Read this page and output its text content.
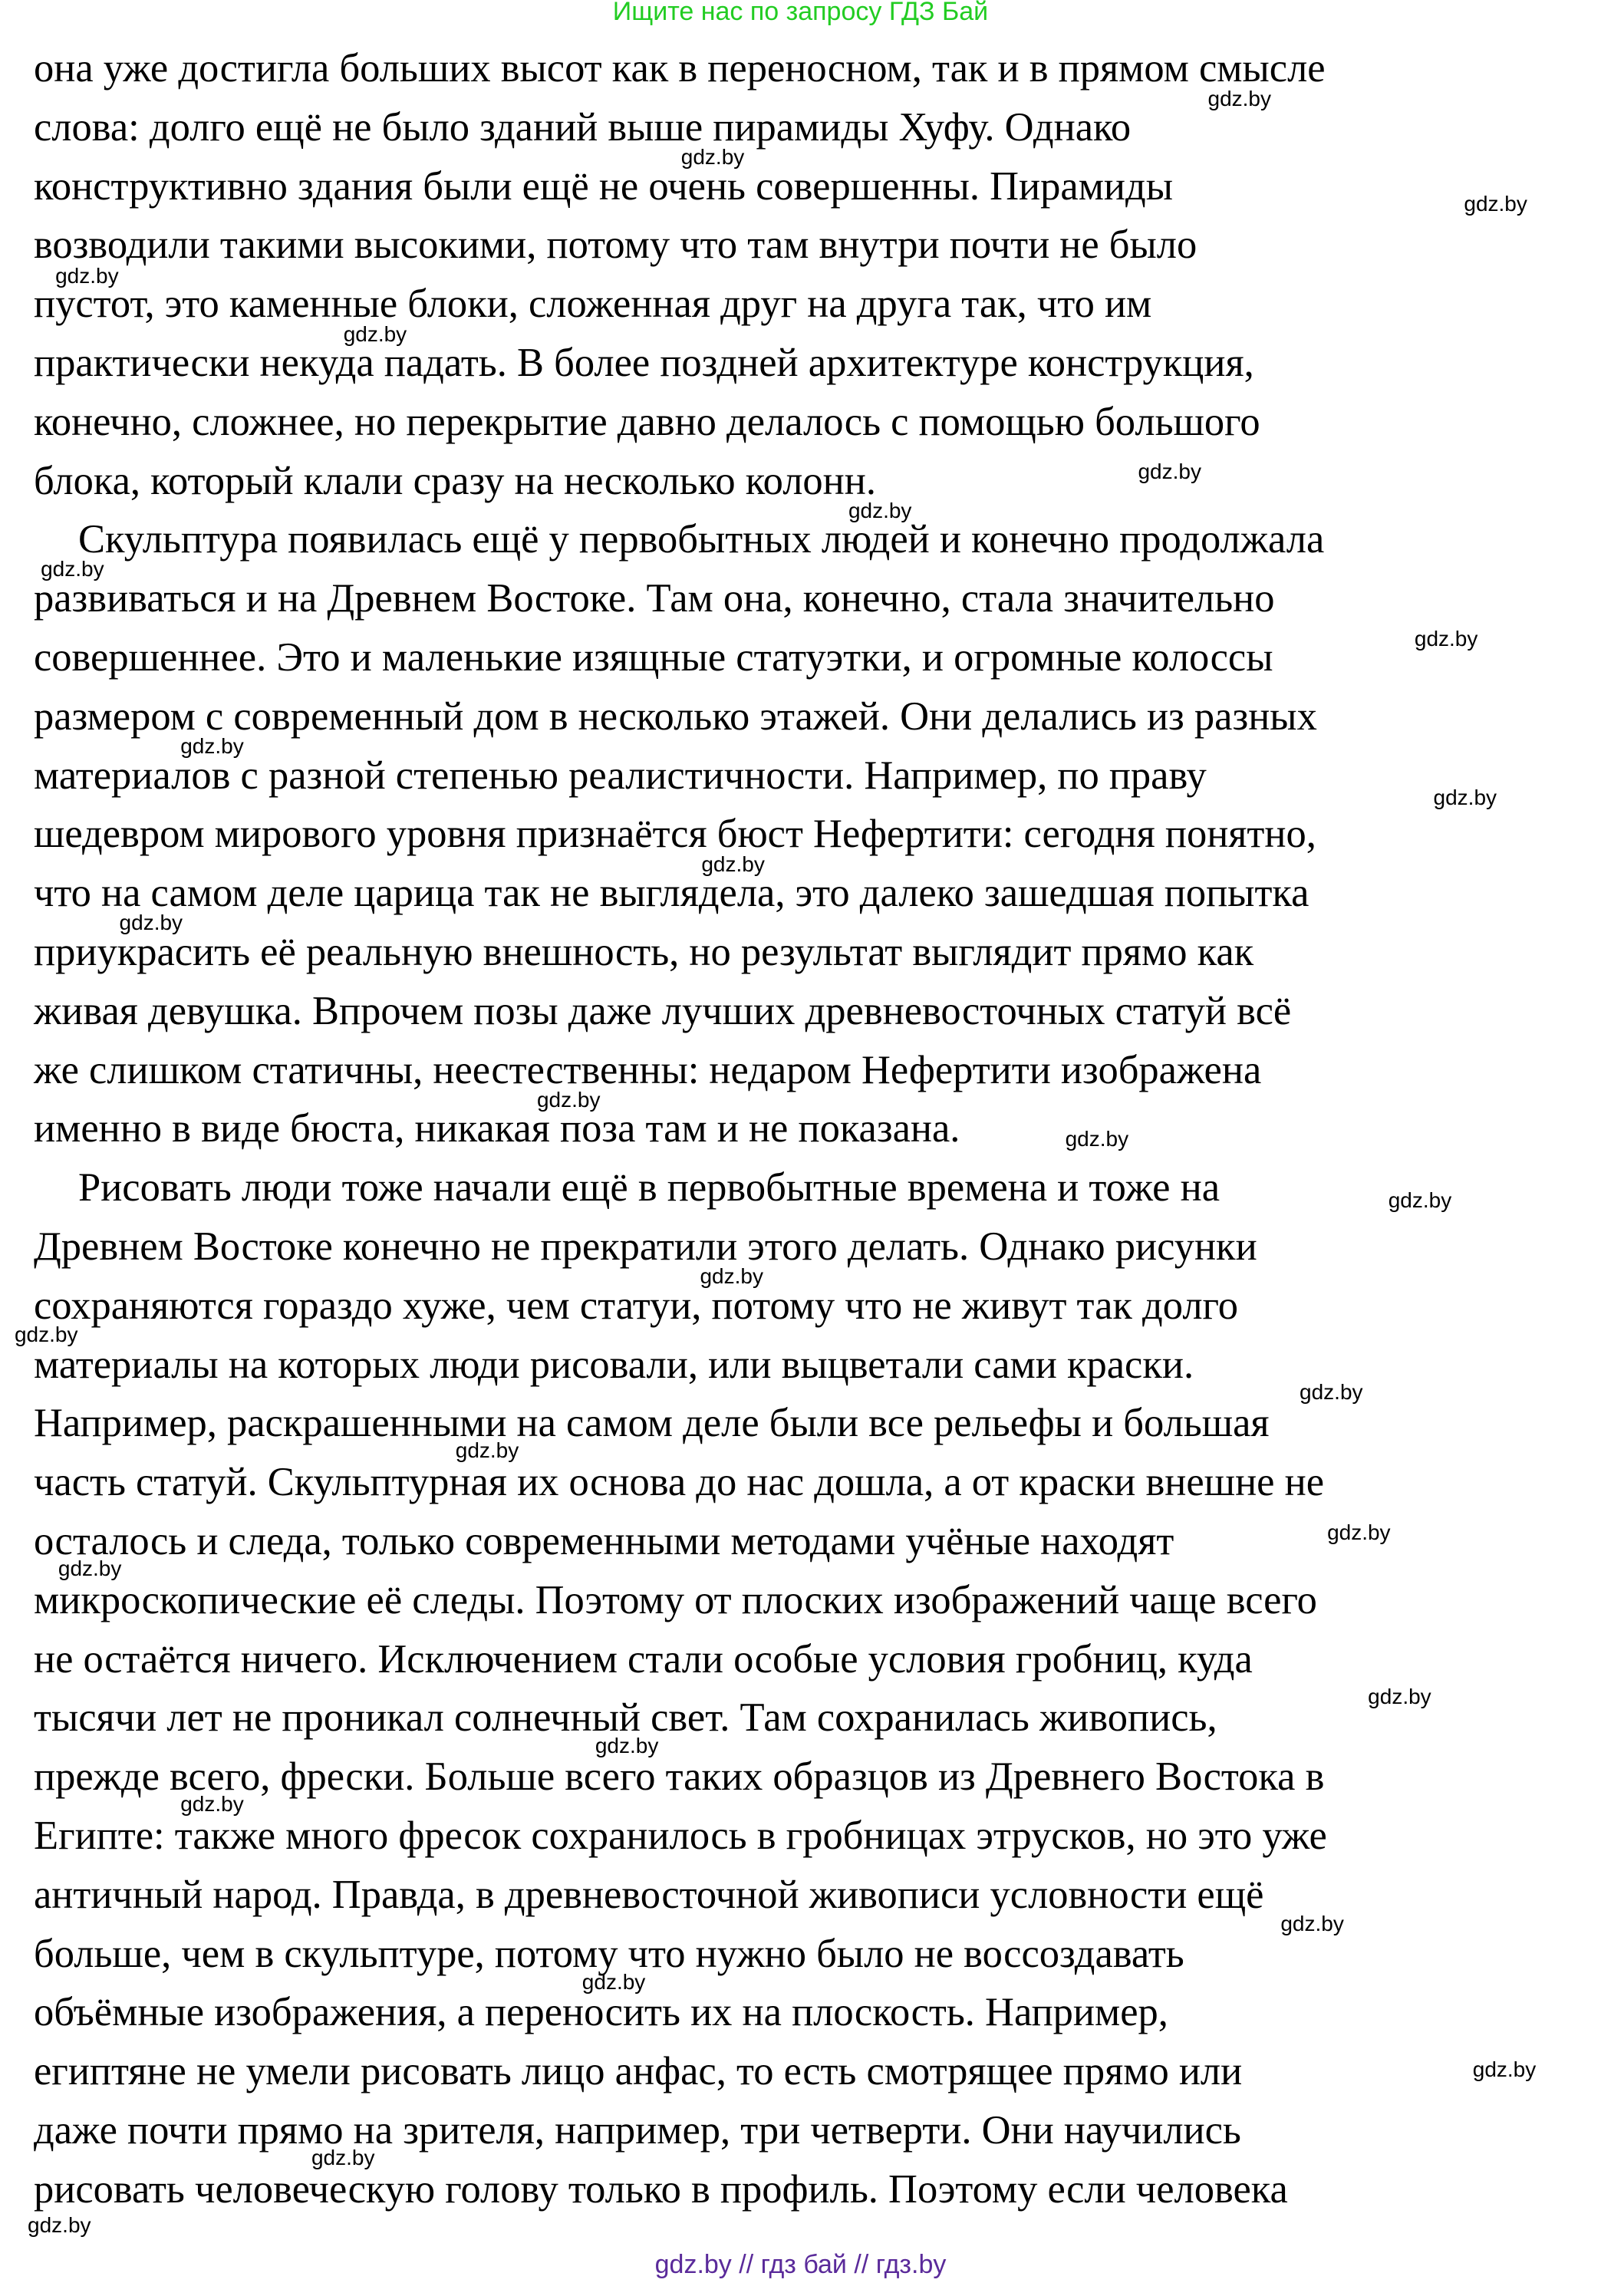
Ищите нас по запросу ГДЗ Бай
она уже достигла больших высот как в переносном, так и в прямом смысле
слова: долго ещё не было зданий выше пирамиды Хуфу. Однако
конструктивно здания были ещё не очень совершенны. Пирамиды
возводили такими высокими, потому что там внутри почти не было
пустот, это каменные блоки, сложенная друг на друга так, что им
практически некуда падать. В более поздней архитектуре конструкция,
конечно, сложнее, но перекрытие давно делалось с помощью большого
блока, который клали сразу на несколько колонн.
Скульптура появилась ещё у первобытных людей и конечно продолжала
развиваться и на Древнем Востоке. Там она, конечно, стала значительно
совершеннее. Это и маленькие изящные статуэтки, и огромные колоссы
размером с современный дом в несколько этажей. Они делались из разных
материалов с разной степенью реалистичности. Например, по праву
шедевром мирового уровня признаётся бюст Нефертити: сегодня понятно,
что на самом деле царица так не выглядела, это далеко зашедшая попытка
приукрасить её реальную внешность, но результат выглядит прямо как
живая девушка. Впрочем позы даже лучших древневосточных статуй всё
же слишком статичны, неестественны: недаром Нефертити изображена
именно в виде бюста, никакая поза там и не показана.
Рисовать люди тоже начали ещё в первобытные времена и тоже на
Древнем Востоке конечно не прекратили этого делать. Однако рисунки
сохраняются гораздо хуже, чем статуи, потому что не живут так долго
материалы на которых люди рисовали, или выцветали сами краски.
Например, раскрашенными на самом деле были все рельефы и большая
часть статуй. Скульптурная их основа до нас дошла, а от краски внешне не
осталось и следа, только современными методами учёные находят
микроскопические её следы. Поэтому от плоских изображений чаще всего
не остаётся ничего. Исключением стали особые условия гробниц, куда
тысячи лет не проникал солнечный свет. Там сохранилась живопись,
прежде всего, фрески. Больше всего таких образцов из Древнего Востока в
Египте: также много фресок сохранилось в гробницах этрусков, но это уже
античный народ. Правда, в древневосточной живописи условности ещё
больше, чем в скульптуре, потому что нужно было не воссоздавать
объёмные изображения, а переносить их на плоскость. Например,
египтяне не умели рисовать лицо анфас, то есть смотрящее прямо или
даже почти прямо на зрителя, например, три четверти. Они научились
рисовать человеческую голову только в профиль. Поэтому если человека
gdz.by
gdz.by
gdz.by
gdz.by
gdz.by
gdz.by
gdz.by
gdz.by
gdz.by
gdz.by
gdz.by
gdz.by
gdz.by
gdz.by
gdz.by
gdz.by
gdz.by
gdz.by
gdz.by
gdz.by
gdz.by
gdz.by
gdz.by
gdz.by
gdz.by
gdz.by
gdz.by
gdz.by
gdz.by
gdz.by
gdz.by // гдз бай // гдз.by
